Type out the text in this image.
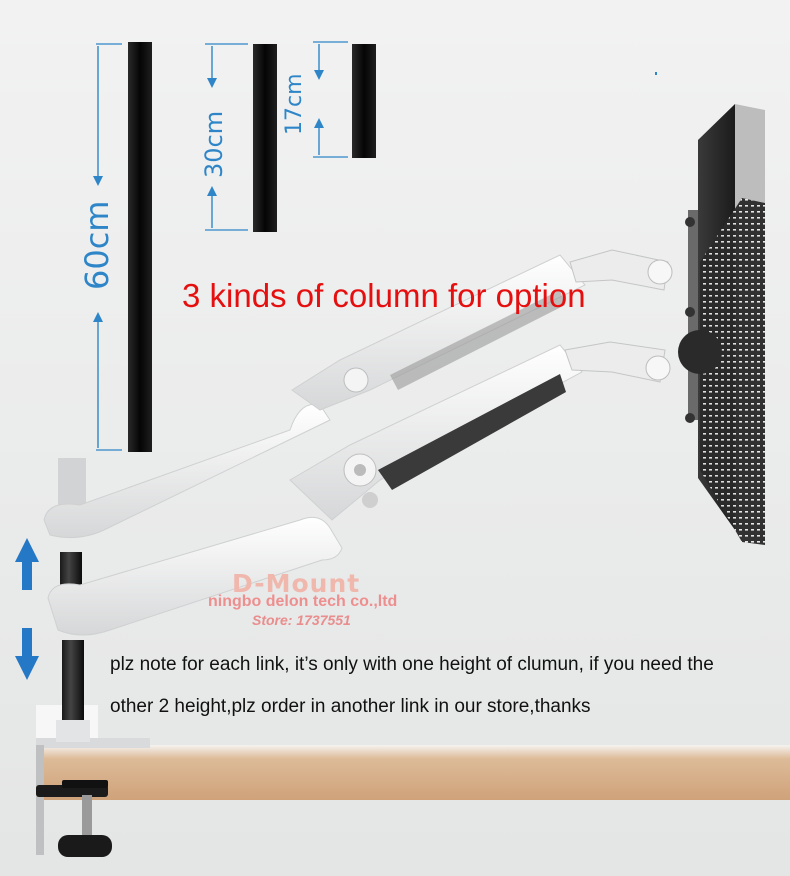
60cm
30cm
17cm
3 kinds of column for option
D-Mount
ningbo delon tech co.,ltd
Store: 1737551
plz note for each link, it’s only with one height of clumun, if you need the
other 2 height,plz order in another link in our store,thanks
